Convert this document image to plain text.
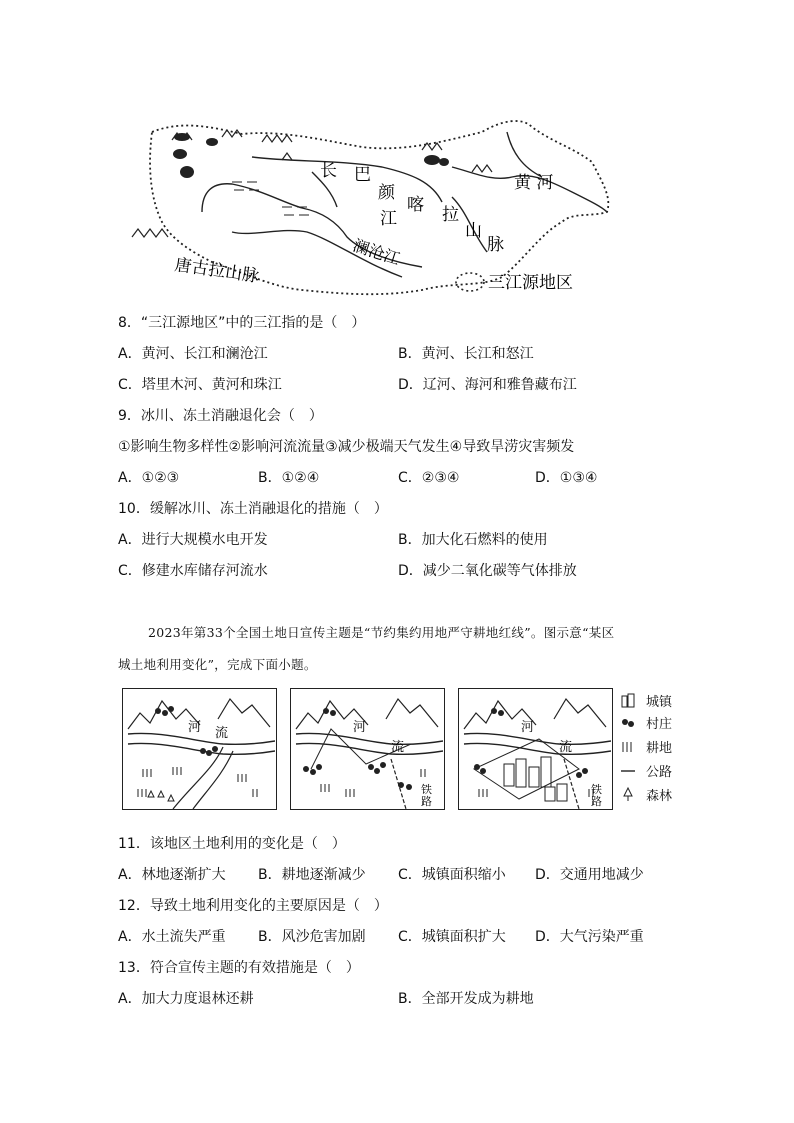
长
江
巴
颜
喀 拉
山
脉
黄 河
澜沧江
唐古拉山脉	三江源地区
8．“三江源地区”中的三江指的是（　）
A．黄河、长江和澜沧江	B．黄河、长江和怒江
C．塔里木河、黄河和珠江	D．辽河、海河和雅鲁藏布江
9．冰川、冻土消融退化会（　）
①影响生物多样性②影响河流流量③减少极端天气发生④导致旱涝灾害频发
A．①②③	B．①②④	C．②③④	D．①③④
10．缓解冰川、冻土消融退化的措施（　）
A．进行大规模水电开发	B．加大化石燃料的使用
C．修建水库储存河流水	D．减少二氧化碳等气体排放
2023年第33个全国土地日宣传主题是“节约集约用地严守耕地红线”。图示意“某区
城土地利用变化”，完成下面小题。
河 流	河
流
铁
路
河
流
铁
路
城镇
村庄
耕地
公路
森林
11．该地区土地利用的变化是（　）
A．林地逐渐扩大 B．耕地逐渐减少 C．城镇面积缩小 D．交通用地减少
12．导致土地利用变化的主要原因是（　）
A．水土流失严重 B．风沙危害加剧 C．城镇面积扩大 D．大气污染严重
13．符合宣传主题的有效措施是（　）
A．加大力度退林还耕	B．全部开发成为耕地
